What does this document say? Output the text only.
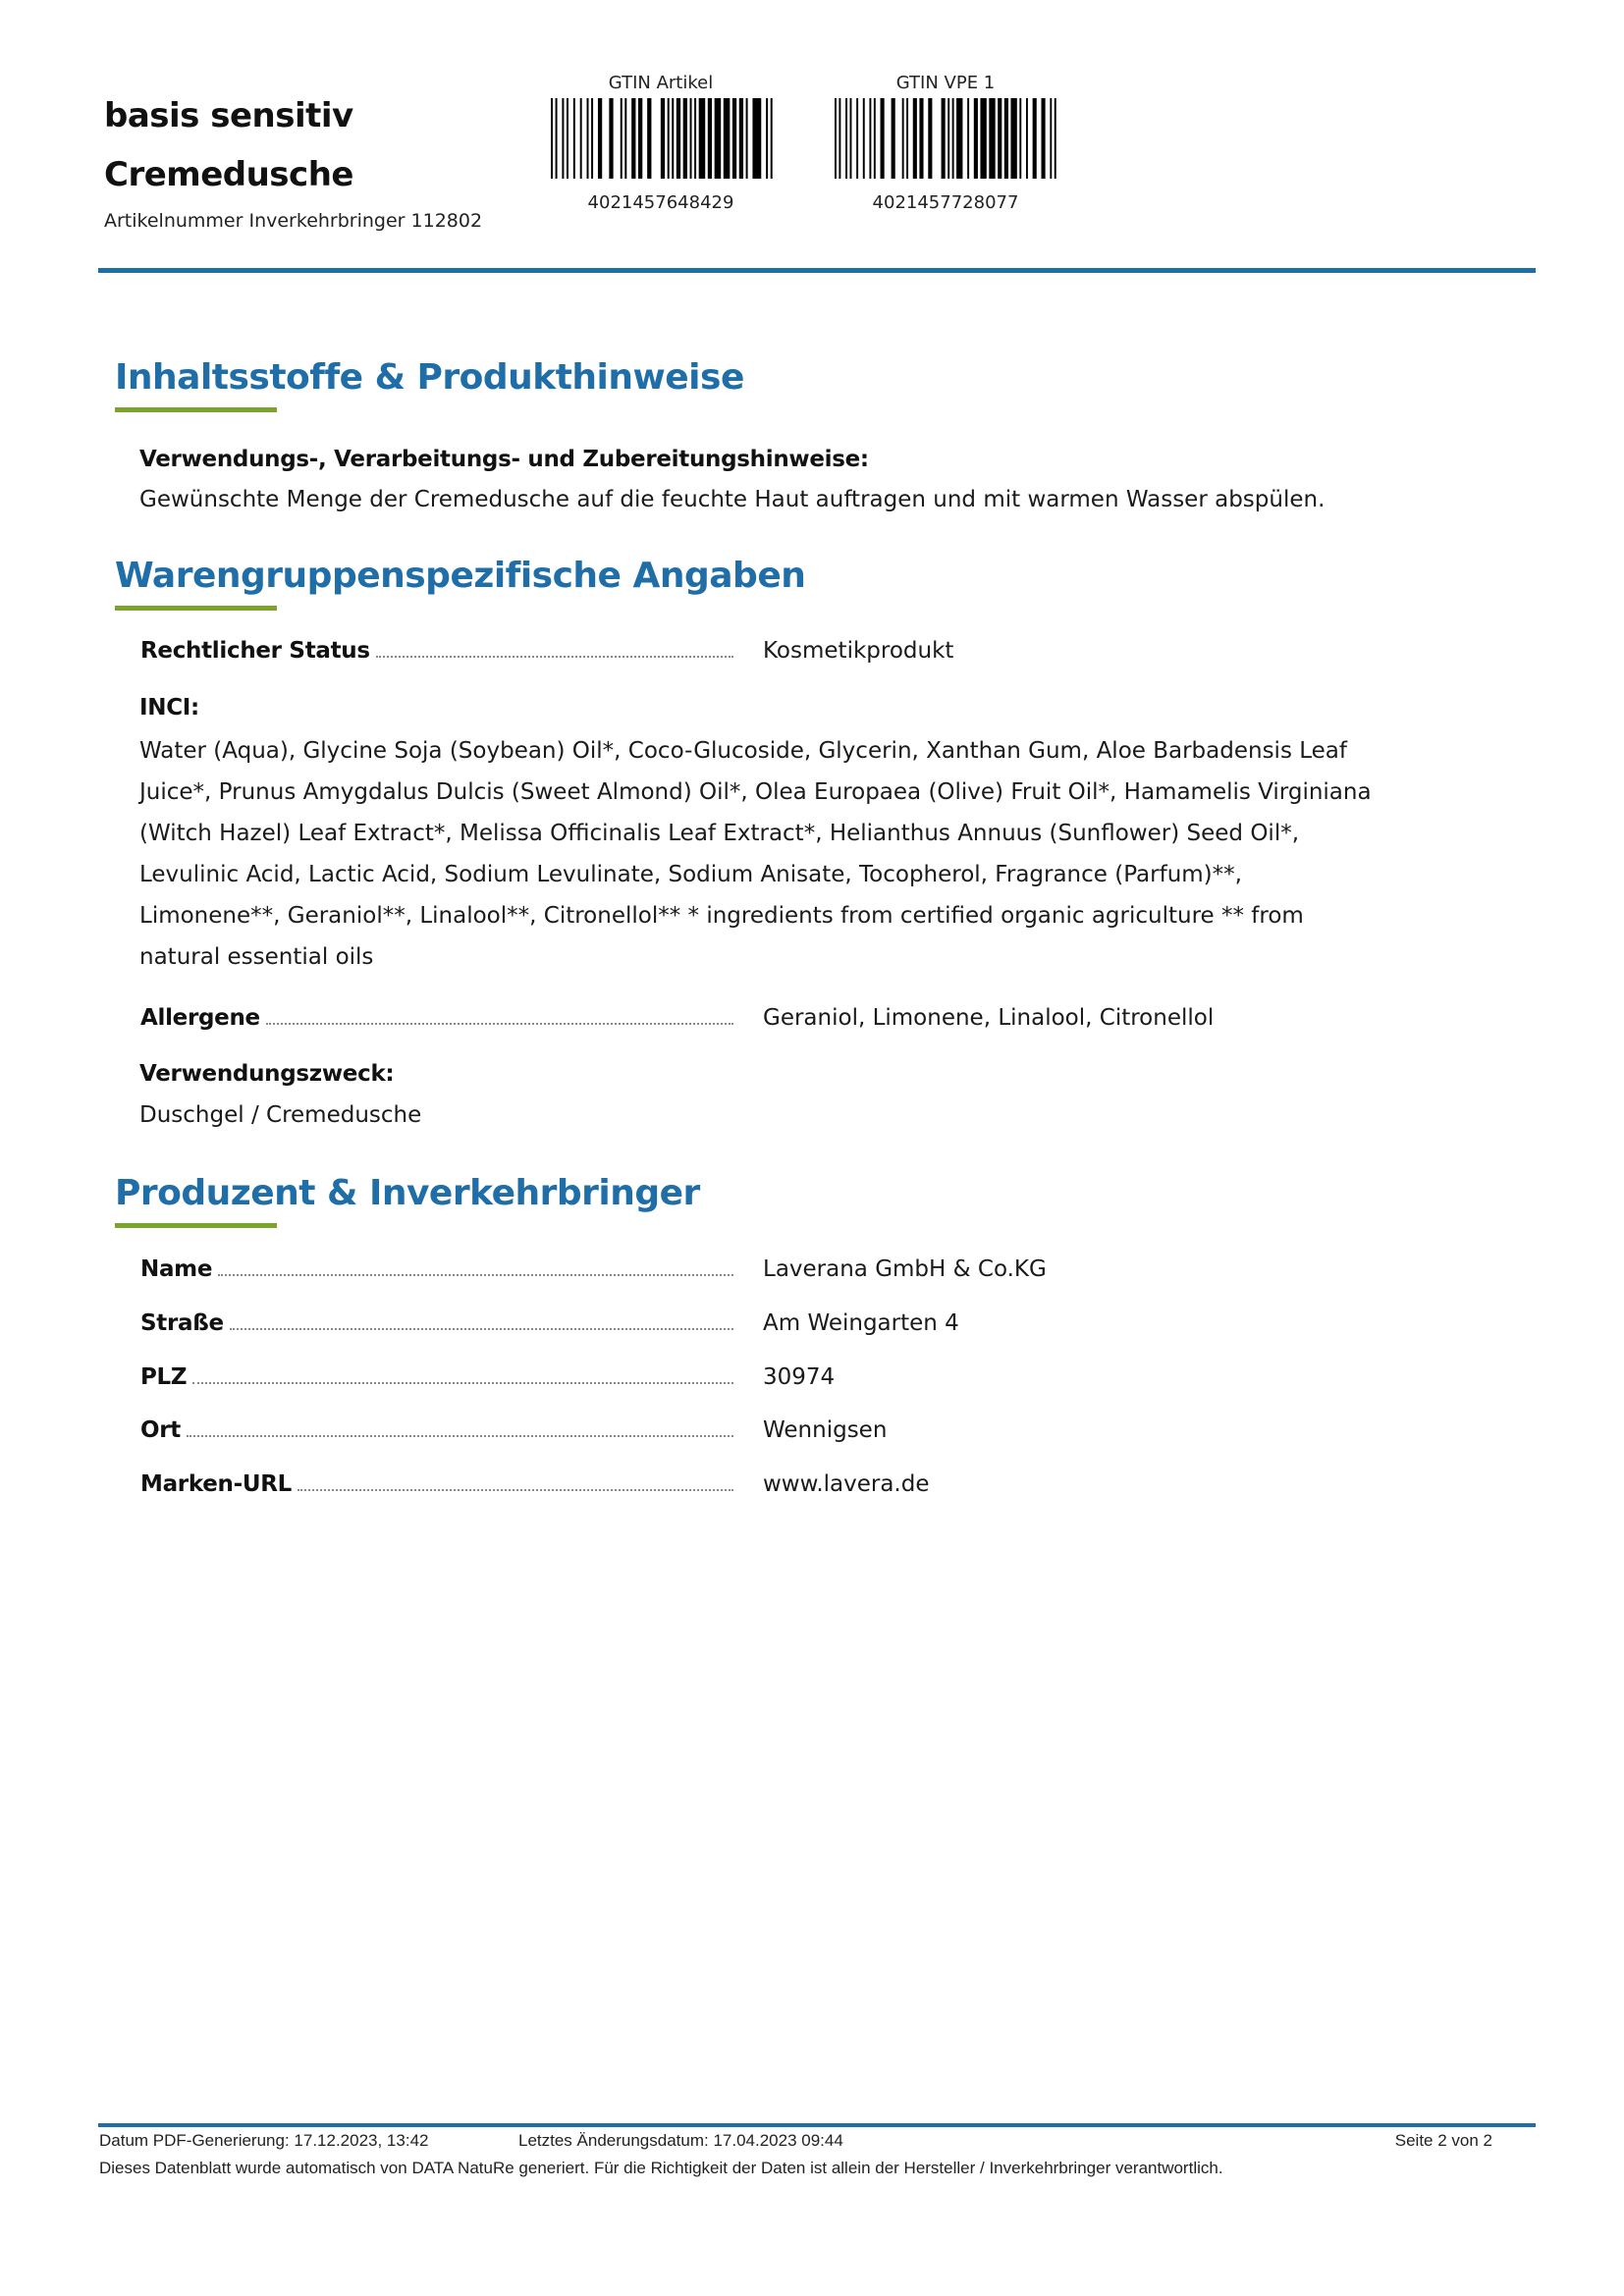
basis sensitiv
Cremedusche
Artikelnummer Inverkehrbringer 112802
GTIN Artikel
4021457648429
GTIN VPE 1
4021457728077
Inhaltsstoffe & Produkthinweise
Verwendungs-, Verarbeitungs- und Zubereitungshinweise:
Gewünschte Menge der Cremedusche auf die feuchte Haut auftragen und mit warmen Wasser abspülen.
Warengruppenspezifische Angaben
Rechtlicher Status	Kosmetikprodukt
INCI:
Water (Aqua), Glycine Soja (Soybean) Oil*, Coco-Glucoside, Glycerin, Xanthan Gum, Aloe Barbadensis Leaf
Juice*, Prunus Amygdalus Dulcis (Sweet Almond) Oil*, Olea Europaea (Olive) Fruit Oil*, Hamamelis Virginiana
(Witch Hazel) Leaf Extract*, Melissa Officinalis Leaf Extract*, Helianthus Annuus (Sunflower) Seed Oil*,
Levulinic Acid, Lactic Acid, Sodium Levulinate, Sodium Anisate, Tocopherol, Fragrance (Parfum)**,
Limonene**, Geraniol**, Linalool**, Citronellol** * ingredients from certified organic agriculture ** from
natural essential oils
Allergene	Geraniol, Limonene, Linalool, Citronellol
Verwendungszweck:
Duschgel / Cremedusche
Produzent & Inverkehrbringer
Name	Laverana GmbH & Co.KG
Straße	Am Weingarten 4
PLZ	30974
Ort	Wennigsen
Marken-URL	www.lavera.de
Datum PDF-Generierung: 17.12.2023, 13:42	Letztes Änderungsdatum: 17.04.2023 09:44	Seite 2 von 2
Dieses Datenblatt wurde automatisch von DATA NatuRe generiert. Für die Richtigkeit der Daten ist allein der Hersteller / Inverkehrbringer verantwortlich.
